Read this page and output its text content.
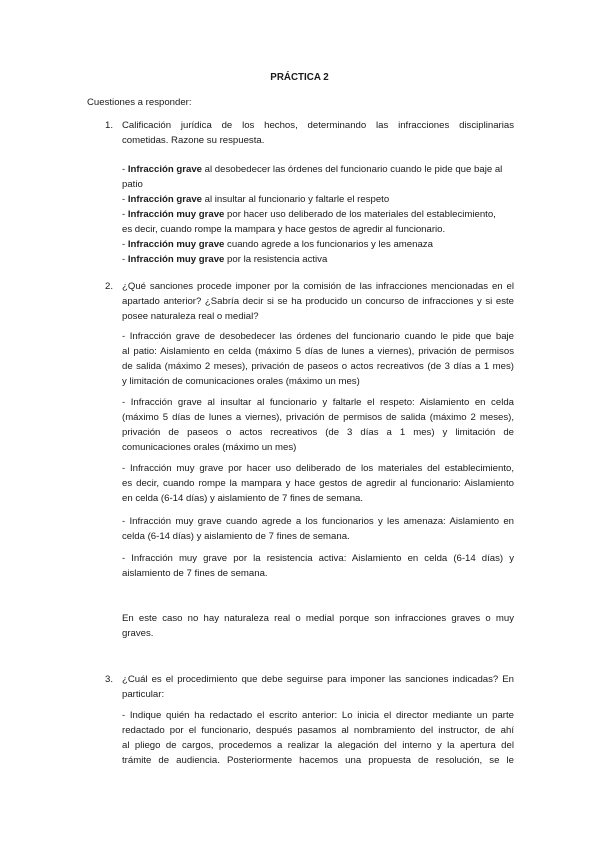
PRÁCTICA 2
Cuestiones a responder:
1. Calificación jurídica de los hechos, determinando las infracciones disciplinarias
cometidas. Razone su respuesta.
- Infracción grave al desobedecer las órdenes del funcionario cuando le pide que baje al
patio
- Infracción grave al insultar al funcionario y faltarle el respeto
- Infracción muy grave por hacer uso deliberado de los materiales del establecimiento,
es decir, cuando rompe la mampara y hace gestos de agredir al funcionario.
- Infracción muy grave cuando agrede a los funcionarios y les amenaza
- Infracción muy grave por la resistencia activa
2. ¿Qué sanciones procede imponer por la comisión de las infracciones mencionadas en el
apartado anterior? ¿Sabría decir si se ha producido un concurso de infracciones y si este
posee naturaleza real o medial?
- Infracción grave de desobedecer las órdenes del funcionario cuando le pide que baje
al patio: Aislamiento en celda (máximo 5 días de lunes a viernes), privación de permisos
de salida (máximo 2 meses), privación de paseos o actos recreativos (de 3 días a 1 mes)
y limitación de comunicaciones orales (máximo un mes)
- Infracción grave al insultar al funcionario y faltarle el respeto: Aislamiento en celda
(máximo 5 días de lunes a viernes), privación de permisos de salida (máximo 2 meses),
privación de paseos o actos recreativos (de 3 días a 1 mes) y limitación de
comunicaciones orales (máximo un mes)
- Infracción muy grave por hacer uso deliberado de los materiales del establecimiento,
es decir, cuando rompe la mampara y hace gestos de agredir al funcionario: Aislamiento
en celda (6-14 días) y aislamiento de 7 fines de semana.
- Infracción muy grave cuando agrede a los funcionarios y les amenaza: Aislamiento en
celda (6-14 días) y aislamiento de 7 fines de semana.
- Infracción muy grave por la resistencia activa: Aislamiento en celda (6-14 días) y
aislamiento de 7 fines de semana.
En este caso no hay naturaleza real o medial porque son infracciones graves o muy
graves.
3. ¿Cuál es el procedimiento que debe seguirse para imponer las sanciones indicadas? En
particular:
- Indique quién ha redactado el escrito anterior: Lo inicia el director mediante un parte
redactado por el funcionario, después pasamos al nombramiento del instructor, de ahí
al pliego de cargos, procedemos a realizar la alegación del interno y la apertura del
trámite de audiencia. Posteriormente hacemos una propuesta de resolución, se le
